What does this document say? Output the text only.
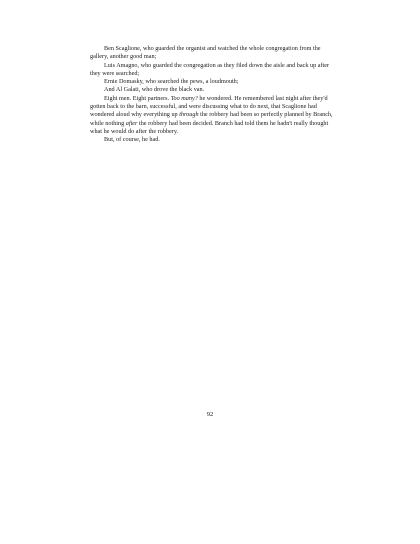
Ben Scaglione, who guarded the organist and watched the whole congregation from the gallery, another good man;

Luis Amagno, who guarded the congregation as they filed down the aisle and back up after they were searched;

Ernie Domasky, who searched the pews, a loudmouth;

And Al Galati, who drove the black van.

Eight men. Eight partners. Too many? he wondered. He remembered last night after they'd gotten back to the barn, successful, and were discussing what to do next, that Scaglione had wondered aloud why everything up through the robbery had been so perfectly planned by Branch, while nothing after the robbery had been decided. Branch had told them he hadn't really thought what he would do after the robbery.

But, of course, he had.

92
